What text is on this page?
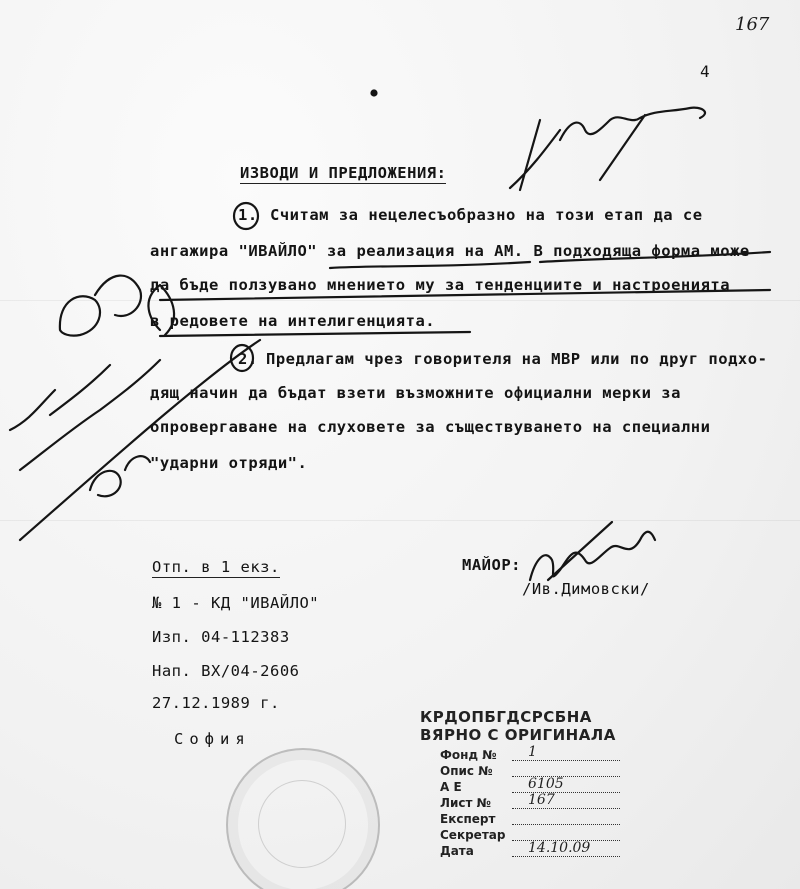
167
4
ИЗВОДИ И ПРЕДЛОЖЕНИЯ:
1. Считам за нецелесъобразно на този етап да се
ангажира "ИВАЙЛО" за реализация на АМ. В подходяща форма може
да бъде ползувано мнението му за тенденциите и настроенията
в редовете на интелигенцията.
2. Предлагам чрез говорителя на МВР или по друг подхо-
дящ начин да бъдат взети възможните официални мерки за
опровергаване на слуховете за съществуването на специални
"ударни отряди".
Отп. в 1 екз.
№ 1 - КД "ИВАЙЛО"
Изп. 04-112383
Нап. ВХ/04-2606
27.12.1989 г.
София
МАЙОР:
/Ив.Димовски/
КРДОПБГДСРСБНА
ВЯРНО С ОРИГИНАЛА
Фонд № 1
Опис №
А Е	6105
Лист №	167
Експерт
Секретар
Дата	14.10.09
